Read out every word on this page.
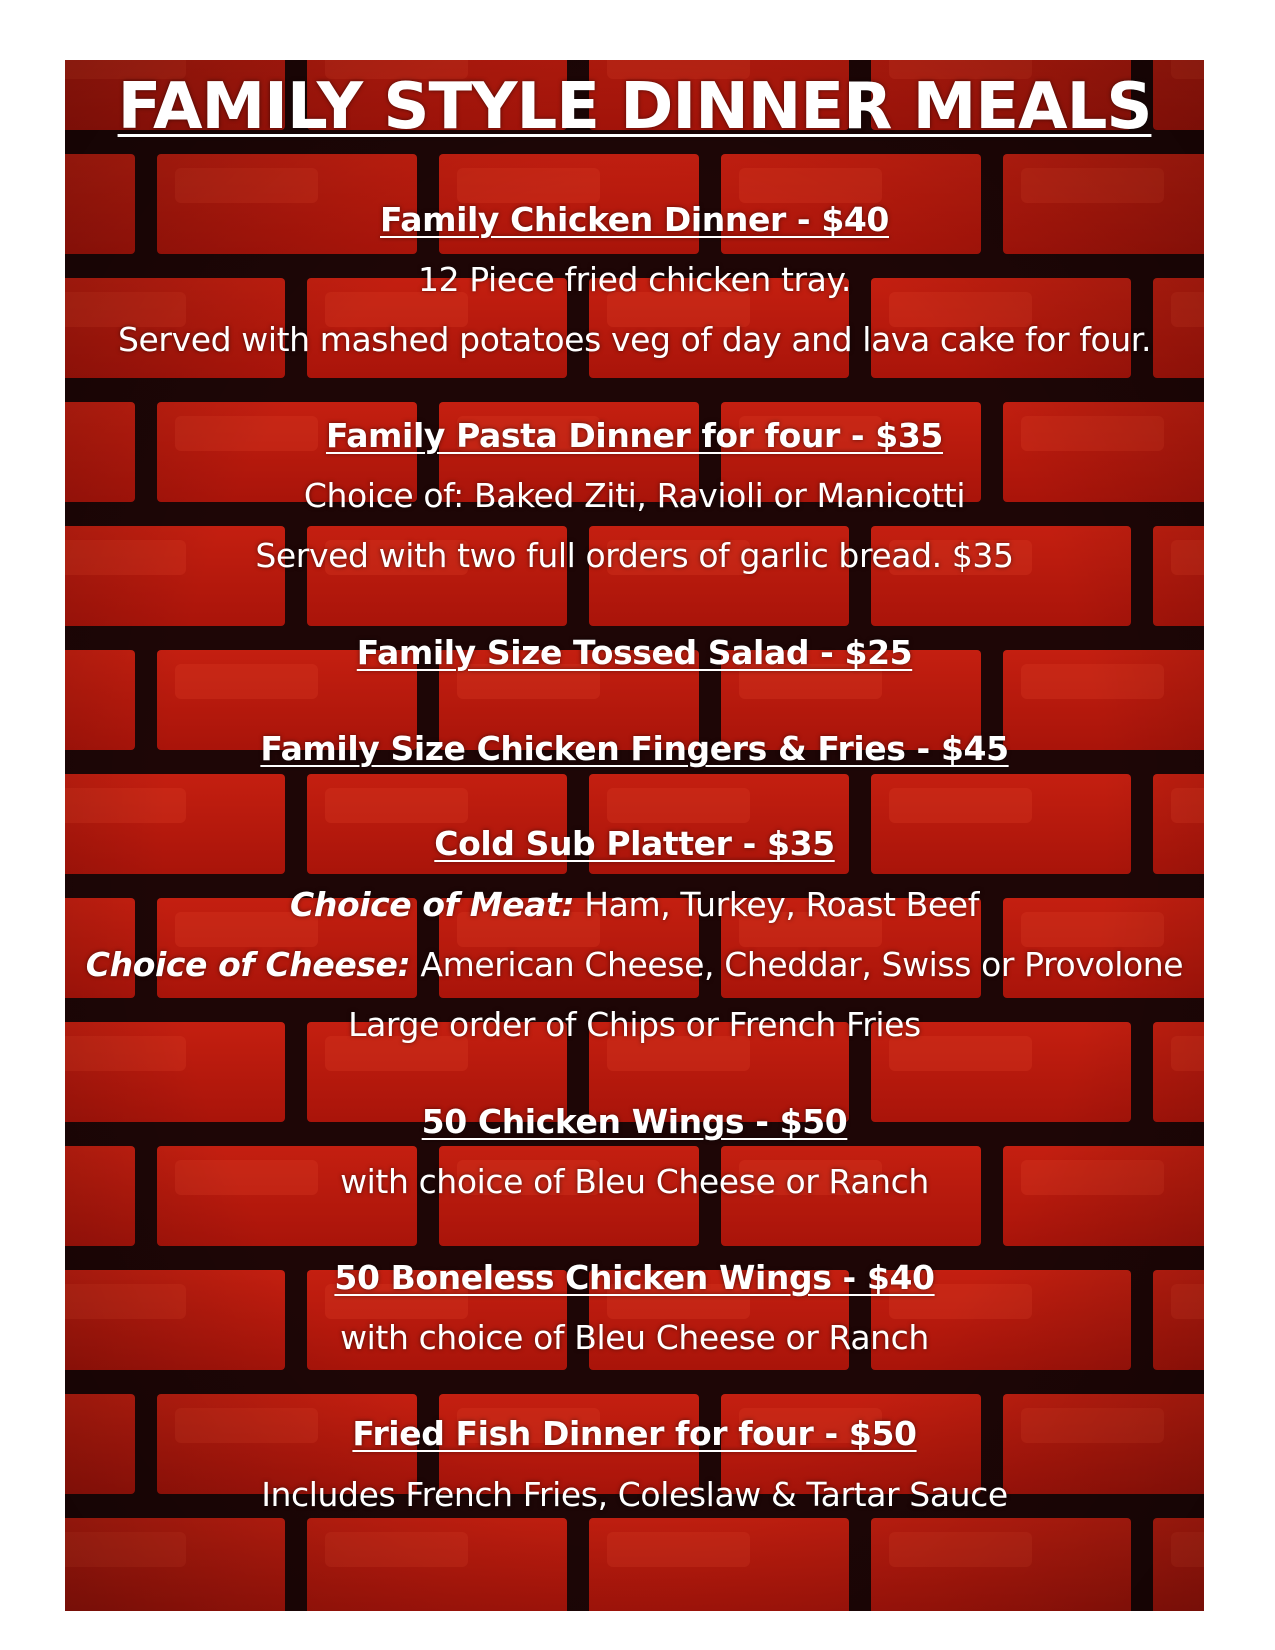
FAMILY STYLE DINNER MEALS
Family Chicken Dinner - $40
12 Piece fried chicken tray.
Served with mashed potatoes veg of day and lava cake for four.
Family Pasta Dinner for four - $35
Choice of: Baked Ziti, Ravioli or Manicotti
Served with two full orders of garlic bread. $35
Family Size Tossed Salad - $25
Family Size Chicken Fingers & Fries - $45
Cold Sub Platter - $35
Choice of Meat: Ham, Turkey, Roast Beef
Choice of Cheese: American Cheese, Cheddar, Swiss or Provolone
Large order of Chips or French Fries
50 Chicken Wings - $50
with choice of Bleu Cheese or Ranch
50 Boneless Chicken Wings - $40
with choice of Bleu Cheese or Ranch
Fried Fish Dinner for four - $50
Includes French Fries, Coleslaw & Tartar Sauce
